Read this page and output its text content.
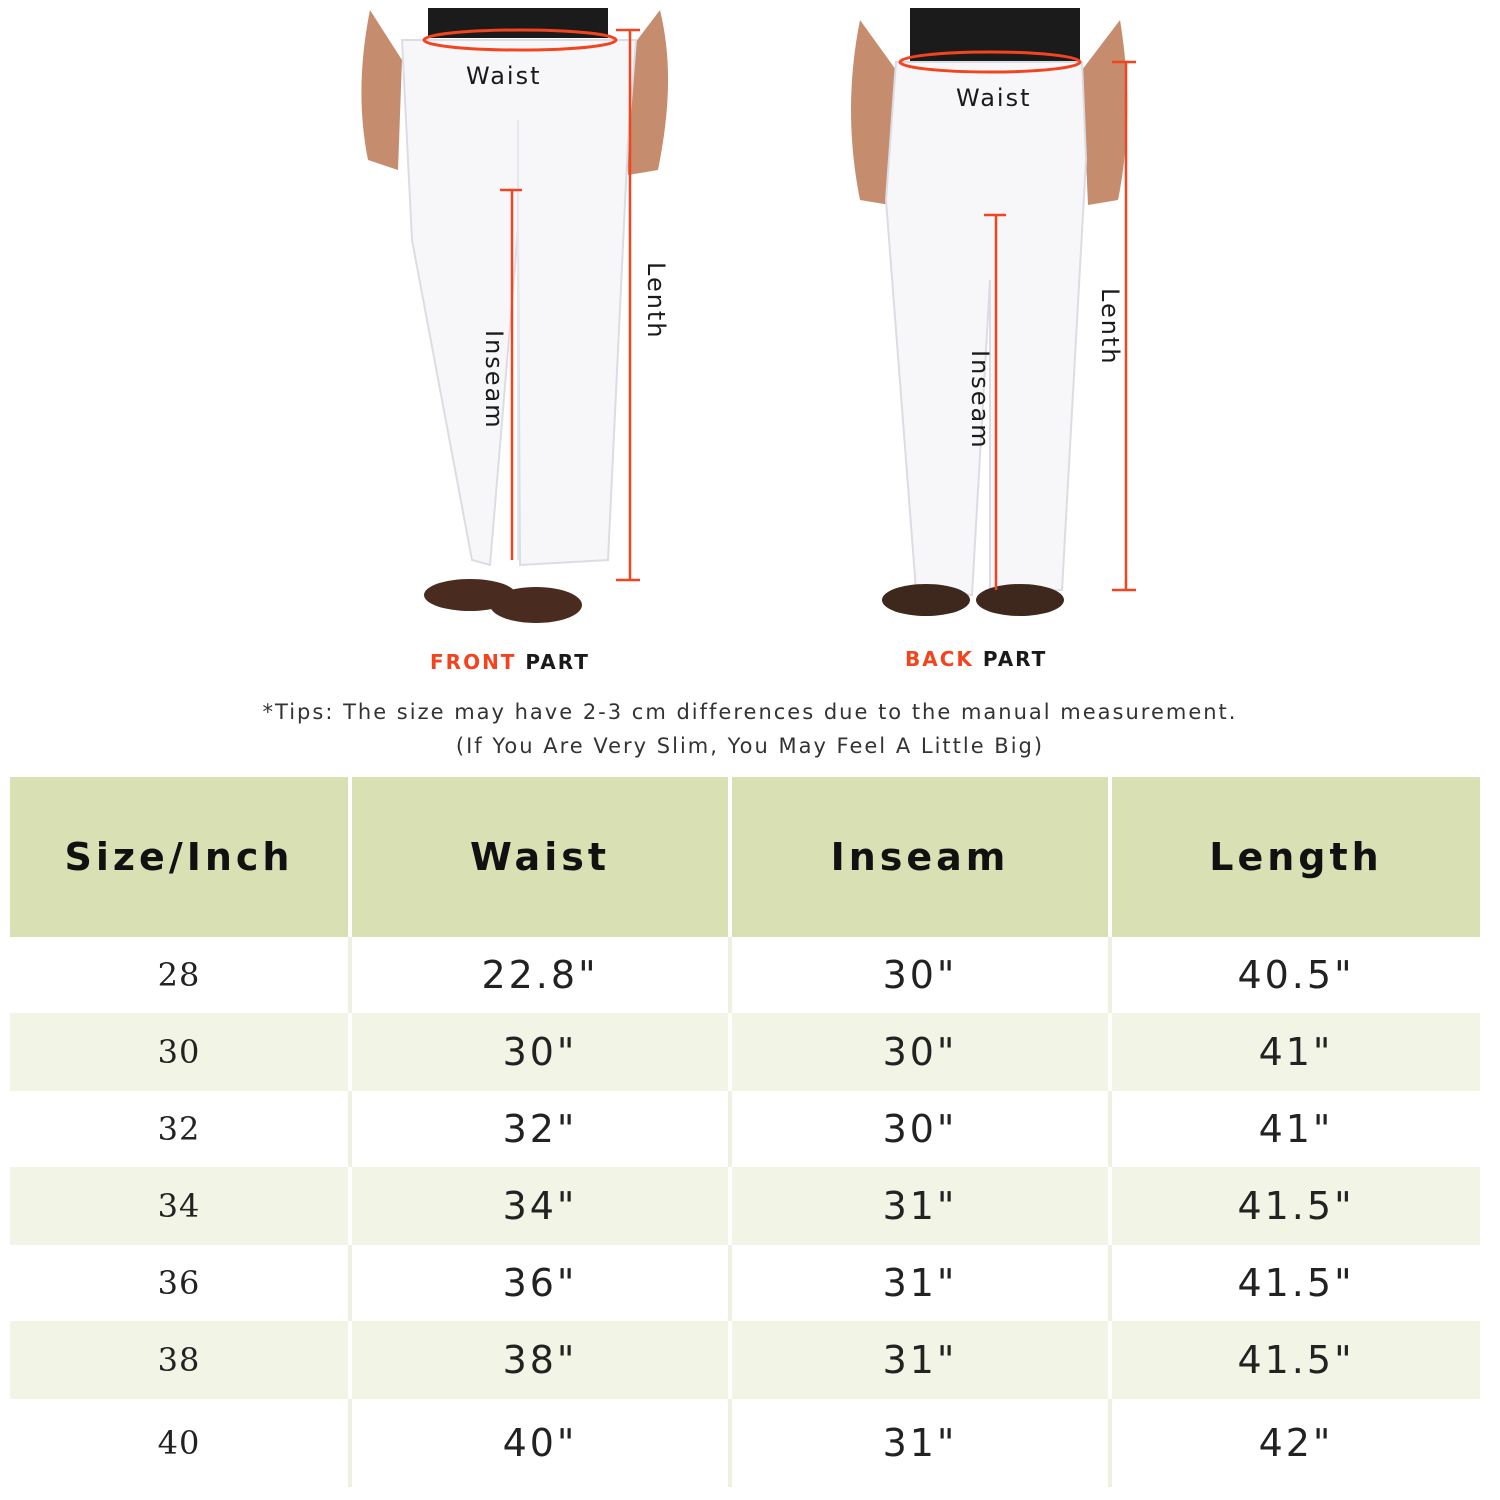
Waist
Lenth
Inseam
Waist
Lenth
Inseam
FRONT PART	BACK PART
*Tips: The size may have 2-3 cm differences due to the manual measurement.
(If You Are Very Slim, You May Feel A Little Big)
Size/Inch	Waist	Inseam	Length
28	22.8"	30"	40.5"
30	30"	30"	41"
32	32"	30"	41"
34	34"	31"	41.5"
36	36"	31"	41.5"
38	38"	31"	41.5"
40	40"	31"	42"
